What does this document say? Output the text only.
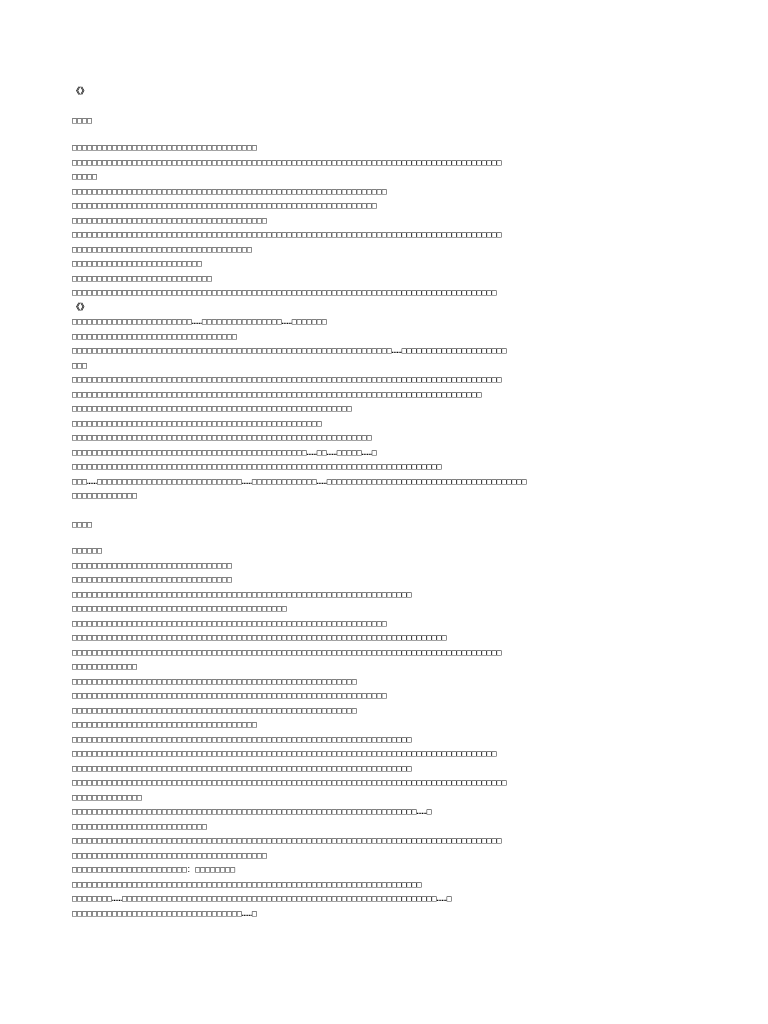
《》
□□□□
□□□□□□□□□□□□□□□□□□□□□□□□□□□□□□□□□□□□□
□□□□□□□□□□□□□□□□□□□□□□□□□□□□□□□□□□□□□□□□□□□□□□□□□□□□□□□□□□□□□□□□□□□□□□□□□□□□□□□□□□□□□□
□□□□□
□□□□□□□□□□□□□□□□□□□□□□□□□□□□□□□□□□□□□□□□□□□□□□□□□□□□□□□□□□□□□□□
□□□□□□□□□□□□□□□□□□□□□□□□□□□□□□□□□□□□□□□□□□□□□□□□□□□□□□□□□□□□□
□□□□□□□□□□□□□□□□□□□□□□□□□□□□□□□□□□□□□□□
□□□□□□□□□□□□□□□□□□□□□□□□□□□□□□□□□□□□□□□□□□□□□□□□□□□□□□□□□□□□□□□□□□□□□□□□□□□□□□□□□□□□□□
□□□□□□□□□□□□□□□□□□□□□□□□□□□□□□□□□□□□
□□□□□□□□□□□□□□□□□□□□□□□□□□
□□□□□□□□□□□□□□□□□□□□□□□□□□□□
□□□□□□□□□□□□□□□□□□□□□□□□□□□□□□□□□□□□□□□□□□□□□□□□□□□□□□□□□□□□□□□□□□□□□□□□□□□□□□□□□□□□□
《》
□□□□□□□□□□□□□□□□□□□□□□□□……□□□□□□□□□□□□□□□□……□□□□□□□
□□□□□□□□□□□□□□□□□□□□□□□□□□□□□□□□□
□□□□□□□□□□□□□□□□□□□□□□□□□□□□□□□□□□□□□□□□□□□□□□□□□□□□□□□□□□□□□□□□……□□□□□□□□□□□□□□□□□□□□□
□□□
□□□□□□□□□□□□□□□□□□□□□□□□□□□□□□□□□□□□□□□□□□□□□□□□□□□□□□□□□□□□□□□□□□□□□□□□□□□□□□□□□□□□□□
□□□□□□□□□□□□□□□□□□□□□□□□□□□□□□□□□□□□□□□□□□□□□□□□□□□□□□□□□□□□□□□□□□□□□□□□□□□□□□□□□□
□□□□□□□□□□□□□□□□□□□□□□□□□□□□□□□□□□□□□□□□□□□□□□□□□□□□□□□□
□□□□□□□□□□□□□□□□□□□□□□□□□□□□□□□□□□□□□□□□□□□□□□□□□□
□□□□□□□□□□□□□□□□□□□□□□□□□□□□□□□□□□□□□□□□□□□□□□□□□□□□□□□□□□□□
□□□□□□□□□□□□□□□□□□□□□□□□□□□□□□□□□□□□□□□□□□□□□□□……□□……□□□□□……□
□□□□□□□□□□□□□□□□□□□□□□□□□□□□□□□□□□□□□□□□□□□□□□□□□□□□□□□□□□□□□□□□□□□□□□□□□□
□□□……□□□□□□□□□□□□□□□□□□□□□□□□□□□□□……□□□□□□□□□□□□□……□□□□□□□□□□□□□□□□□□□□□□□□□□□□□□□□□□□□□□□□
□□□□□□□□□□□□□
□□□□
□□□□□□
□□□□□□□□□□□□□□□□□□□□□□□□□□□□□□□□
□□□□□□□□□□□□□□□□□□□□□□□□□□□□□□□□
□□□□□□□□□□□□□□□□□□□□□□□□□□□□□□□□□□□□□□□□□□□□□□□□□□□□□□□□□□□□□□□□□□□□
□□□□□□□□□□□□□□□□□□□□□□□□□□□□□□□□□□□□□□□□□□□
□□□□□□□□□□□□□□□□□□□□□□□□□□□□□□□□□□□□□□□□□□□□□□□□□□□□□□□□□□□□□□□
□□□□□□□□□□□□□□□□□□□□□□□□□□□□□□□□□□□□□□□□□□□□□□□□□□□□□□□□□□□□□□□□□□□□□□□□□□□
□□□□□□□□□□□□□□□□□□□□□□□□□□□□□□□□□□□□□□□□□□□□□□□□□□□□□□□□□□□□□□□□□□□□□□□□□□□□□□□□□□□□□□
□□□□□□□□□□□□□
□□□□□□□□□□□□□□□□□□□□□□□□□□□□□□□□□□□□□□□□□□□□□□□□□□□□□□□□□
□□□□□□□□□□□□□□□□□□□□□□□□□□□□□□□□□□□□□□□□□□□□□□□□□□□□□□□□□□□□□□□
□□□□□□□□□□□□□□□□□□□□□□□□□□□□□□□□□□□□□□□□□□□□□□□□□□□□□□□□□
□□□□□□□□□□□□□□□□□□□□□□□□□□□□□□□□□□□□□
□□□□□□□□□□□□□□□□□□□□□□□□□□□□□□□□□□□□□□□□□□□□□□□□□□□□□□□□□□□□□□□□□□□□
□□□□□□□□□□□□□□□□□□□□□□□□□□□□□□□□□□□□□□□□□□□□□□□□□□□□□□□□□□□□□□□□□□□□□□□□□□□□□□□□□□□□□
□□□□□□□□□□□□□□□□□□□□□□□□□□□□□□□□□□□□□□□□□□□□□□□□□□□□□□□□□□□□□□□□□□□□
□□□□□□□□□□□□□□□□□□□□□□□□□□□□□□□□□□□□□□□□□□□□□□□□□□□□□□□□□□□□□□□□□□□□□□□□□□□□□□□□□□□□□□□
□□□□□□□□□□□□□□
□□□□□□□□□□□□□□□□□□□□□□□□□□□□□□□□□□□□□□□□□□□□□□□□□□□□□□□□□□□□□□□□□□□□□……□
□□□□□□□□□□□□□□□□□□□□□□□□□□□
□□□□□□□□□□□□□□□□□□□□□□□□□□□□□□□□□□□□□□□□□□□□□□□□□□□□□□□□□□□□□□□□□□□□□□□□□□□□□□□□□□□□□□
□□□□□□□□□□□□□□□□□□□□□□□□□□□□□□□□□□□□□□□
□□□□□□□□□□□□□□□□□□□□□□□：□□□□□□□□
□□□□□□□□□□□□□□□□□□□□□□□□□□□□□□□□□□□□□□□□□□□□□□□□□□□□□□□□□□□□□□□□□□□□□□
□□□□□□□□……□□□□□□□□□□□□□□□□□□□□□□□□□□□□□□□□□□□□□□□□□□□□□□□□□□□□□□□□□□□□□□□……□
□□□□□□□□□□□□□□□□□□□□□□□□□□□□□□□□□□……□
